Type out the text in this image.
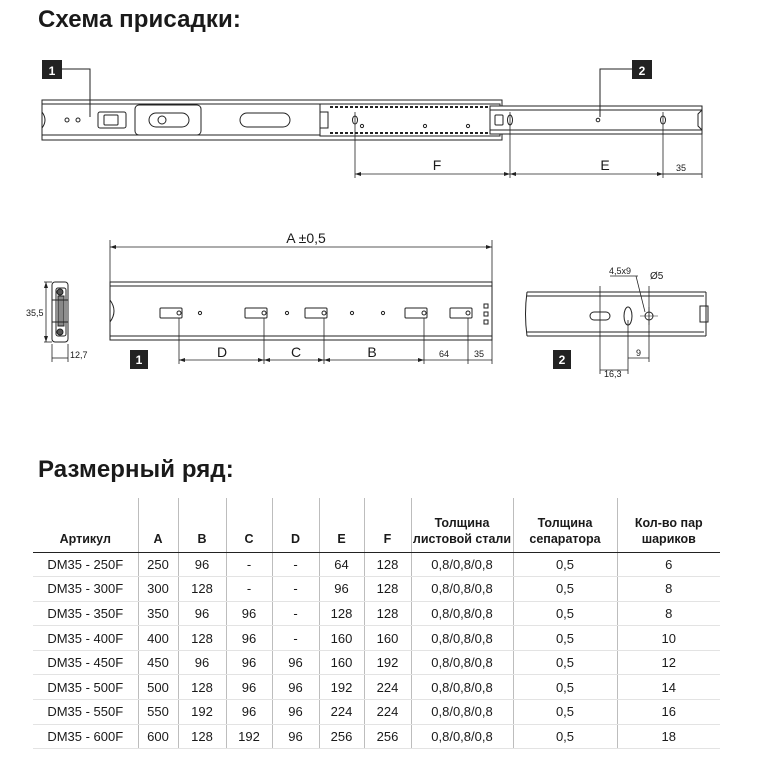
Схема присадки:
Размерный ряд:
1	2
1	2
F	E	35
A ±0,5
35,5
12,7	D	C	B	64	35
4,5x9 Ø5
9
16,3
Артикул	A	B	C	D	E	F	Толщина листовой стали	Толщина сепаратора	Кол-во пар шариков
DM35 - 250F	250	96	-	-	64	128	0,8/0,8/0,8	0,5	6
DM35 - 300F	300	128	-	-	96	128	0,8/0,8/0,8	0,5	8
DM35 - 350F	350	96	96	-	128	128	0,8/0,8/0,8	0,5	8
DM35 - 400F	400	128	96	-	160	160	0,8/0,8/0,8	0,5	10
DM35 - 450F	450	96	96	96	160	192	0,8/0,8/0,8	0,5	12
DM35 - 500F	500	128	96	96	192	224	0,8/0,8/0,8	0,5	14
DM35 - 550F	550	192	96	96	224	224	0,8/0,8/0,8	0,5	16
DM35 - 600F	600	128	192	96	256	256	0,8/0,8/0,8	0,5	18
